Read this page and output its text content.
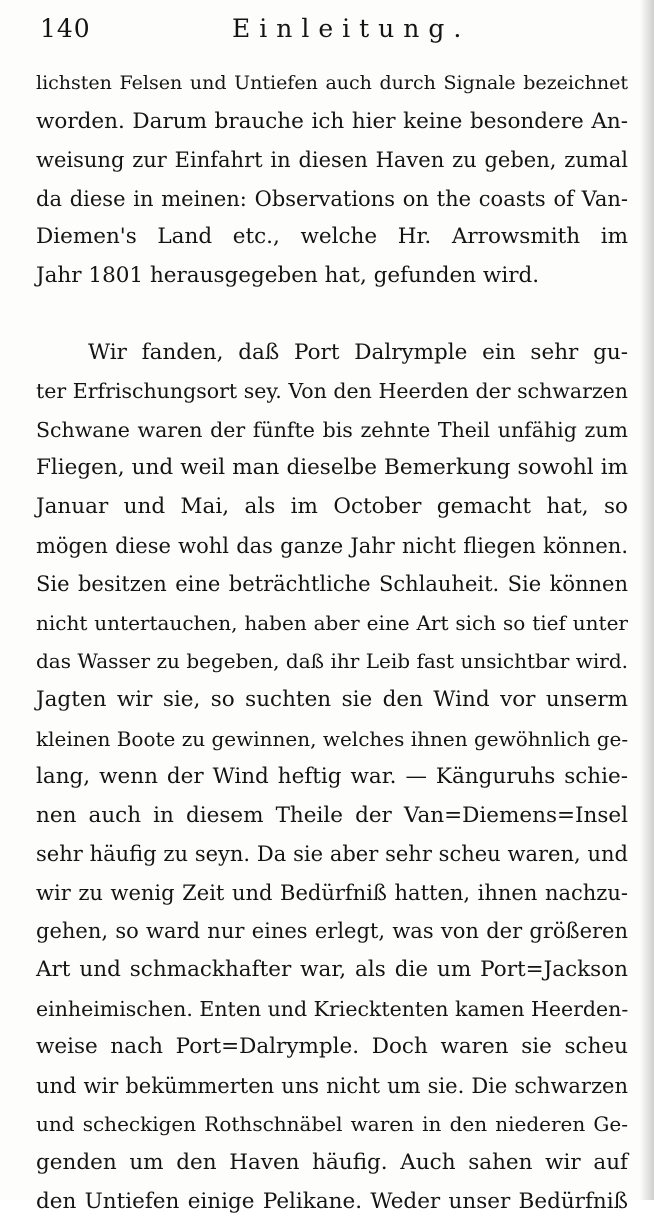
140	Einleitung.
lichsten Felsen und Untiefen auch durch Signale bezeichnet
worden. Darum brauche ich hier keine besondere An-
weisung zur Einfahrt in diesen Haven zu geben, zumal
da diese in meinen: Observations on the coasts of Van-
Diemen's Land etc., welche Hr. Arrowsmith im
Jahr 1801 herausgegeben hat, gefunden wird.
Wir fanden, daß Port Dalrymple ein sehr gu-
ter Erfrischungsort sey. Von den Heerden der schwarzen
Schwane waren der fünfte bis zehnte Theil unfähig zum
Fliegen, und weil man dieselbe Bemerkung sowohl im
Januar und Mai, als im October gemacht hat, so
mögen diese wohl das ganze Jahr nicht fliegen können.
Sie besitzen eine beträchtliche Schlauheit. Sie können
nicht untertauchen, haben aber eine Art sich so tief unter
das Wasser zu begeben, daß ihr Leib fast unsichtbar wird.
Jagten wir sie, so suchten sie den Wind vor unserm
kleinen Boote zu gewinnen, welches ihnen gewöhnlich ge-
lang, wenn der Wind heftig war. — Känguruhs schie-
nen auch in diesem Theile der Van=Diemens=Insel
sehr häufig zu seyn. Da sie aber sehr scheu waren, und
wir zu wenig Zeit und Bedürfniß hatten, ihnen nachzu-
gehen, so ward nur eines erlegt, was von der größeren
Art und schmackhafter war, als die um Port=Jackson
einheimischen. Enten und Kriecktenten kamen Heerden-
weise nach Port=Dalrymple. Doch waren sie scheu
und wir bekümmerten uns nicht um sie. Die schwarzen
und scheckigen Rothschnäbel waren in den niederen Ge-
genden um den Haven häufig. Auch sahen wir auf
den Untiefen einige Pelikane. Weder unser Bedürfniß
